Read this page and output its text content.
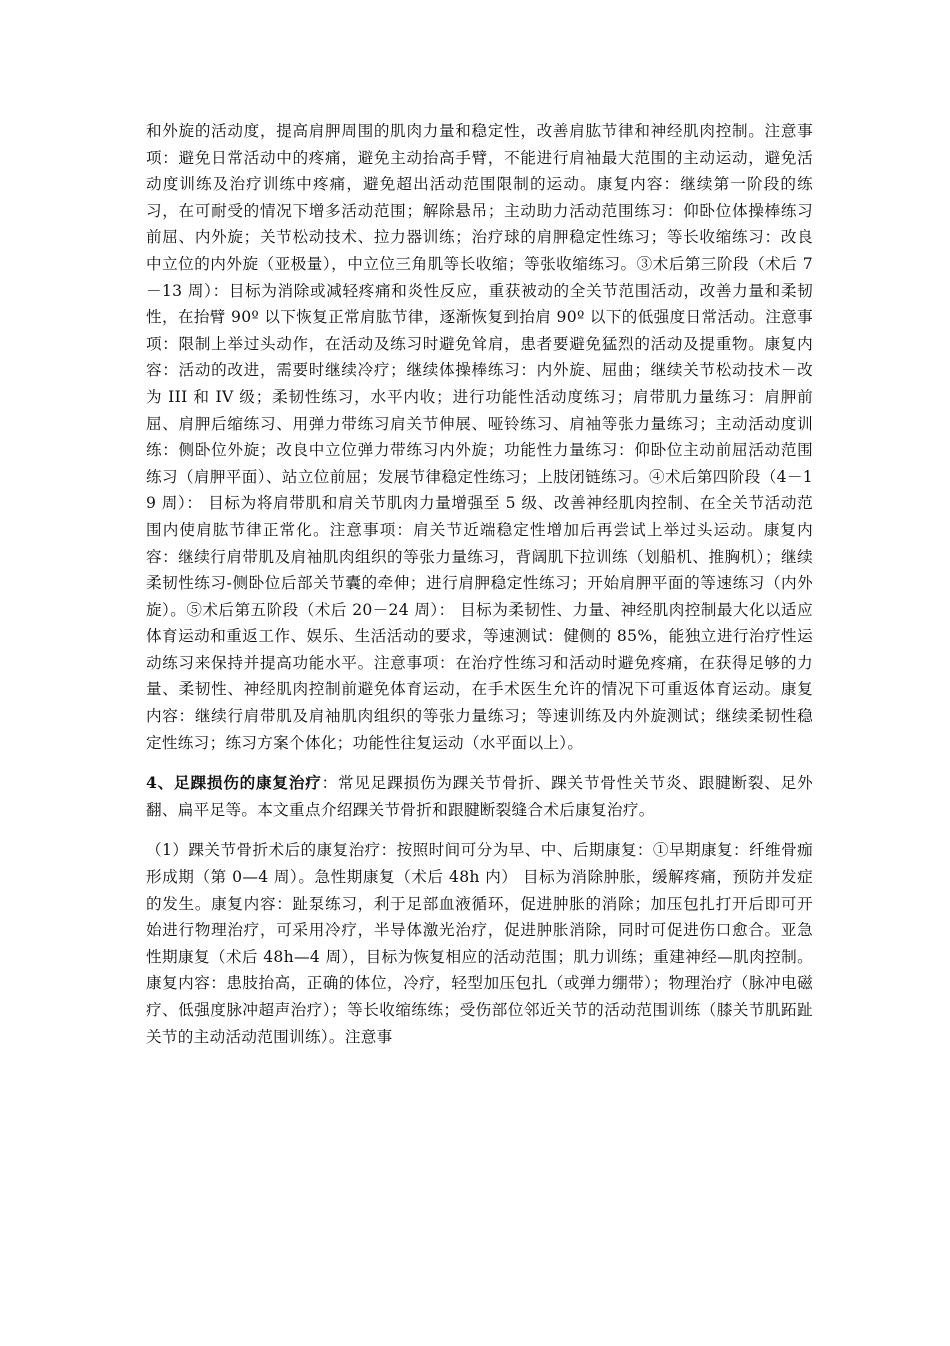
和外旋的活动度，提高肩胛周围的肌肉力量和稳定性，改善肩肱节律和神经肌肉控制。注意事项：避免日常活动中的疼痛，避免主动抬高手臂，不能进行肩袖最大范围的主动运动，避免活动度训练及治疗训练中疼痛，避免超出活动范围限制的运动。康复内容：继续第一阶段的练习，在可耐受的情况下增多活动范围；解除悬吊；主动助力活动范围练习：仰卧位体操棒练习前屈、内外旋；关节松动技术、拉力器训练；治疗球的肩胛稳定性练习；等长收缩练习：改良中立位的内外旋（亚极量），中立位三角肌等长收缩；等张收缩练习。③术后第三阶段（术后 7－13 周）：目标为消除或减轻疼痛和炎性反应，重获被动的全关节范围活动，改善力量和柔韧性，在抬臂 90º 以下恢复正常肩肱节律，逐渐恢复到抬肩 90º 以下的低强度日常活动。注意事项：限制上举过头动作，在活动及练习时避免耸肩，患者要避免猛烈的活动及提重物。康复内容：活动的改进，需要时继续冷疗；继续体操棒练习：内外旋、屈曲；继续关节松动技术－改为 III 和 IV 级；柔韧性练习，水平内收；进行功能性活动度练习；肩带肌力量练习：肩胛前屈、肩胛后缩练习、用弹力带练习肩关节伸展、哑铃练习、肩袖等张力量练习；主动活动度训练：侧卧位外旋；改良中立位弹力带练习内外旋；功能性力量练习：仰卧位主动前屈活动范围练习（肩胛平面）、站立位前屈；发展节律稳定性练习；上肢闭链练习。④术后第四阶段（4－19 周）： 目标为将肩带肌和肩关节肌肉力量增强至 5 级、改善神经肌肉控制、在全关节活动范围内使肩肱节律正常化。注意事项：肩关节近端稳定性增加后再尝试上举过头运动。康复内容：继续行肩带肌及肩袖肌肉组织的等张力量练习，背阔肌下拉训练（划船机、推胸机）；继续柔韧性练习-侧卧位后部关节囊的牵伸；进行肩胛稳定性练习；开始肩胛平面的等速练习（内外旋）。⑤术后第五阶段（术后 20－24 周）： 目标为柔韧性、力量、神经肌肉控制最大化以适应体育运动和重返工作、娱乐、生活活动的要求，等速测试：健侧的 85%，能独立进行治疗性运动练习来保持并提高功能水平。注意事项：在治疗性练习和活动时避免疼痛，在获得足够的力量、柔韧性、神经肌肉控制前避免体育运动，在手术医生允许的情况下可重返体育运动。康复内容：继续行肩带肌及肩袖肌肉组织的等张力量练习；等速训练及内外旋测试；继续柔韧性稳定性练习；练习方案个体化；功能性往复运动（水平面以上）。

4、足踝损伤的康复治疗：常见足踝损伤为踝关节骨折、踝关节骨性关节炎、跟腱断裂、足外翻、扁平足等。本文重点介绍踝关节骨折和跟腱断裂缝合术后康复治疗。

（1）踝关节骨折术后的康复治疗：按照时间可分为早、中、后期康复：①早期康复：纤维骨痂形成期（第 0—4 周）。急性期康复（术后 48h 内） 目标为消除肿胀，缓解疼痛，预防并发症的发生。康复内容：趾泵练习，利于足部血液循环，促进肿胀的消除；加压包扎打开后即可开始进行物理治疗，可采用冷疗，半导体激光治疗，促进肿胀消除，同时可促进伤口愈合。亚急性期康复（术后 48h—4 周），目标为恢复相应的活动范围；肌力训练；重建神经—肌肉控制。康复内容：患肢抬高，正确的体位，冷疗，轻型加压包扎（或弹力绷带）；物理治疗（脉冲电磁疗、低强度脉冲超声治疗）；等长收缩练练；受伤部位邻近关节的活动范围训练（膝关节肌跖趾关节的主动活动范围训练）。注意事
